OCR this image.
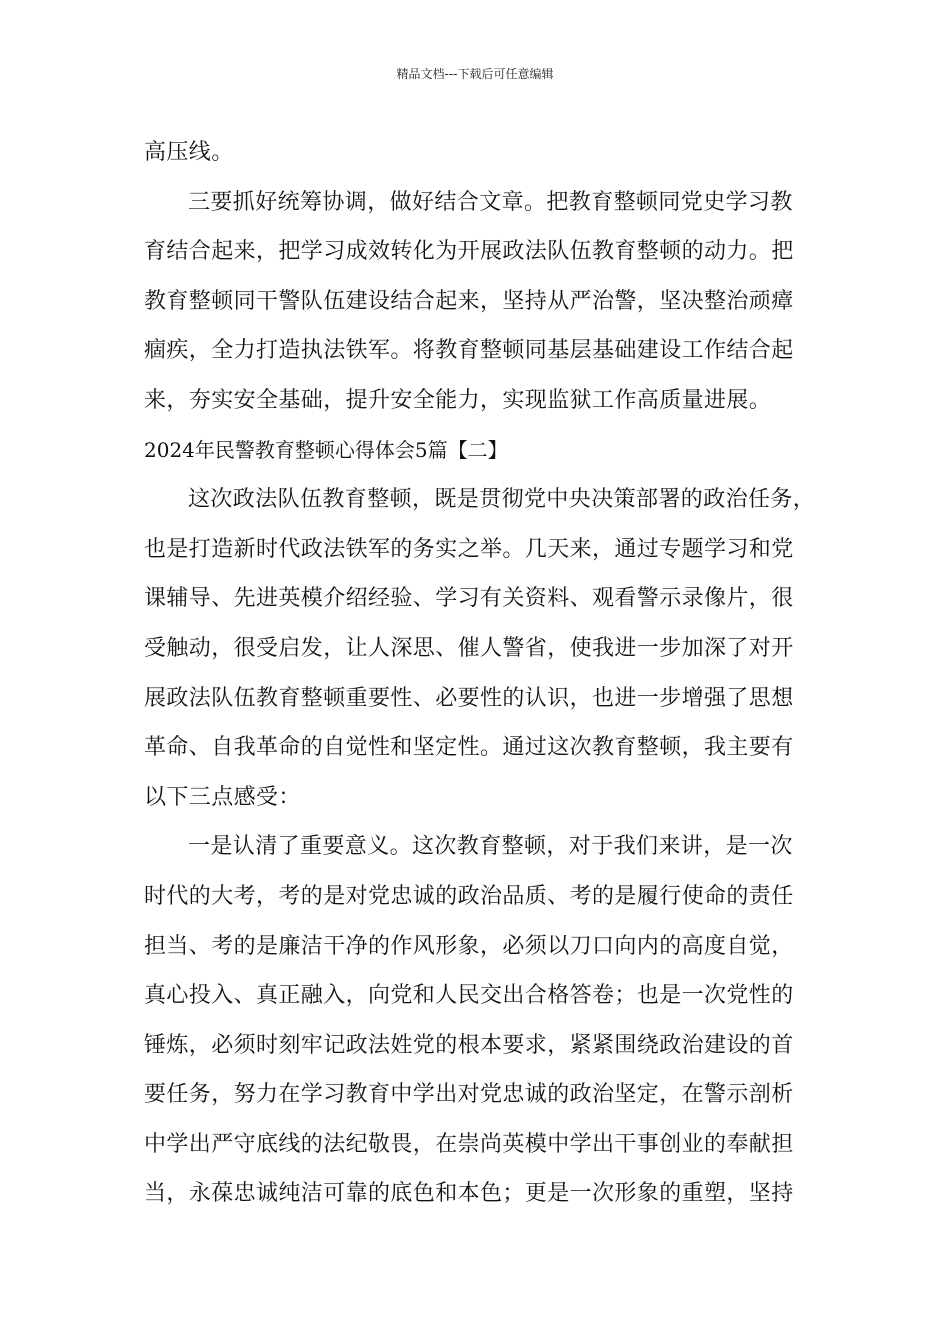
精品文档---下载后可任意编辑
高压线。
三要抓好统筹协调，做好结合文章。把教育整顿同党史学习教
育结合起来，把学习成效转化为开展政法队伍教育整顿的动力。把
教育整顿同干警队伍建设结合起来，坚持从严治警，坚决整治顽瘴
痼疾，全力打造执法铁军。将教育整顿同基层基础建设工作结合起
来，夯实安全基础，提升安全能力，实现监狱工作高质量进展。
2024年民警教育整顿心得体会5篇【二】
这次政法队伍教育整顿，既是贯彻党中央决策部署的政治任务，
也是打造新时代政法铁军的务实之举。几天来，通过专题学习和党
课辅导、先进英模介绍经验、学习有关资料、观看警示录像片，很
受触动，很受启发，让人深思、催人警省，使我进一步加深了对开
展政法队伍教育整顿重要性、必要性的认识，也进一步增强了思想
革命、自我革命的自觉性和坚定性。通过这次教育整顿，我主要有
以下三点感受：
一是认清了重要意义。这次教育整顿，对于我们来讲，是一次
时代的大考，考的是对党忠诚的政治品质、考的是履行使命的责任
担当、考的是廉洁干净的作风形象，必须以刀口向内的高度自觉，
真心投入、真正融入，向党和人民交出合格答卷；也是一次党性的
锤炼，必须时刻牢记政法姓党的根本要求，紧紧围绕政治建设的首
要任务，努力在学习教育中学出对党忠诚的政治坚定，在警示剖析
中学出严守底线的法纪敬畏，在崇尚英模中学出干事创业的奉献担
当，永葆忠诚纯洁可靠的底色和本色；更是一次形象的重塑，坚持
